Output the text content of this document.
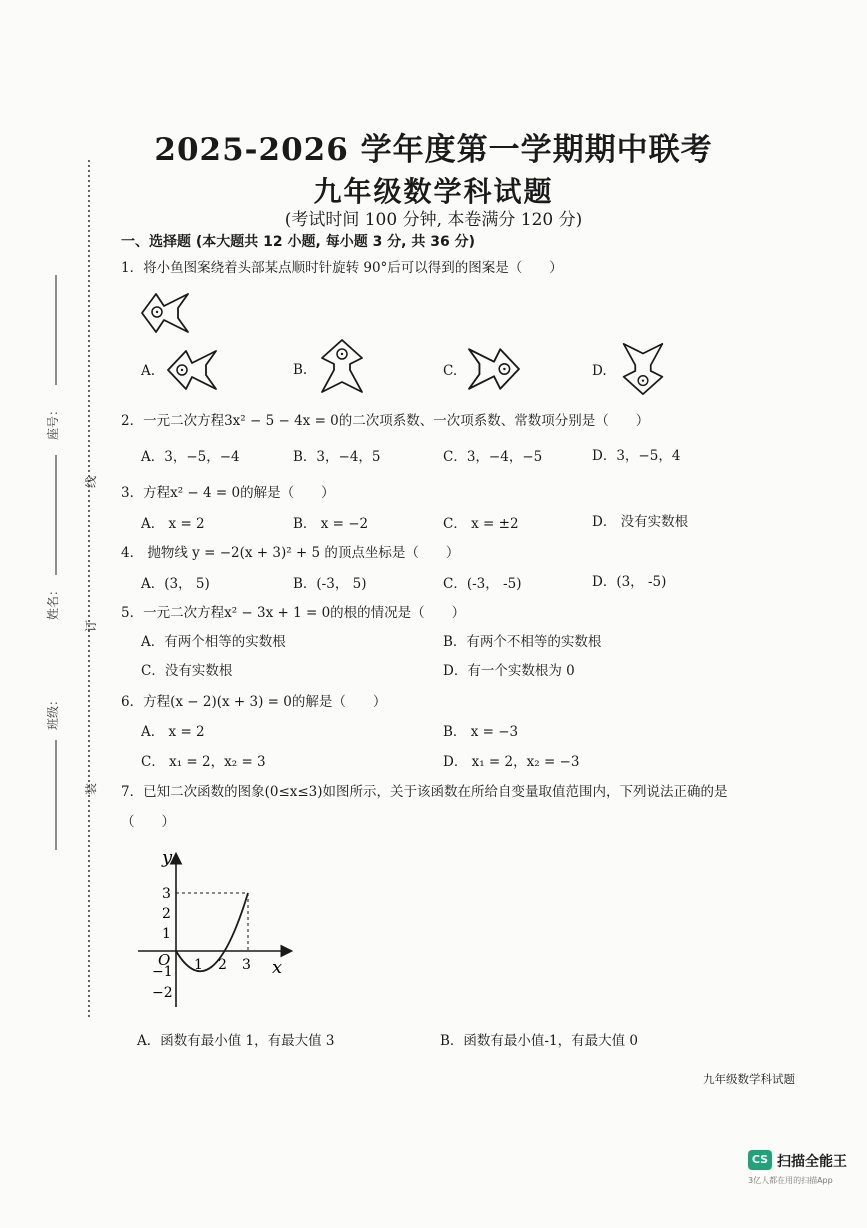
座号：
姓名：
班级：
线
订
装
2025-2026 学年度第一学期期中联考
九年级数学科试题
(考试时间 100 分钟, 本卷满分 120 分)
一、选择题 (本大题共 12 小题, 每小题 3 分, 共 36 分)
1．将小鱼图案绕着头部某点顺时针旋转 90°后可以得到的图案是（　　）
A.	B.	C.	D.
2．一元二次方程3x² − 5 − 4x = 0的二次项系数、一次项系数、常数项分别是（　　）
A．3，−5，−4	B．3，−4，5	C．3，−4，−5	D．3，−5，4
3．方程x² − 4 = 0的解是（　　）
A． x = 2	B． x = −2	C． x = ±2	D． 没有实数根
4． 抛物线 y = −2(x + 3)² + 5 的顶点坐标是（　　）
A．(3， 5)	B．(-3， 5)	C．(-3， -5)	D．(3， -5)
5．一元二次方程x² − 3x + 1 = 0的根的情况是（　　）
A．有两个相等的实数根	B．有两个不相等的实数根
C．没有实数根	D．有一个实数根为 0
6．方程(x − 2)(x + 3) = 0的解是（　　）
A． x = 2	B． x = −3
C． x₁ = 2，x₂ = 3	D． x₁ = 2，x₂ = −3
7．已知二次函数的图象(0≤x≤3)如图所示，关于该函数在所给自变量取值范围内，下列说法正确的是
（　　）
y
x
O 1 2 3
3
2
1
−1
−2
A．函数有最小值 1，有最大值 3	B．函数有最小值-1，有最大值 0
九年级数学科试题
CS 扫描全能王
3亿人都在用的扫描App
